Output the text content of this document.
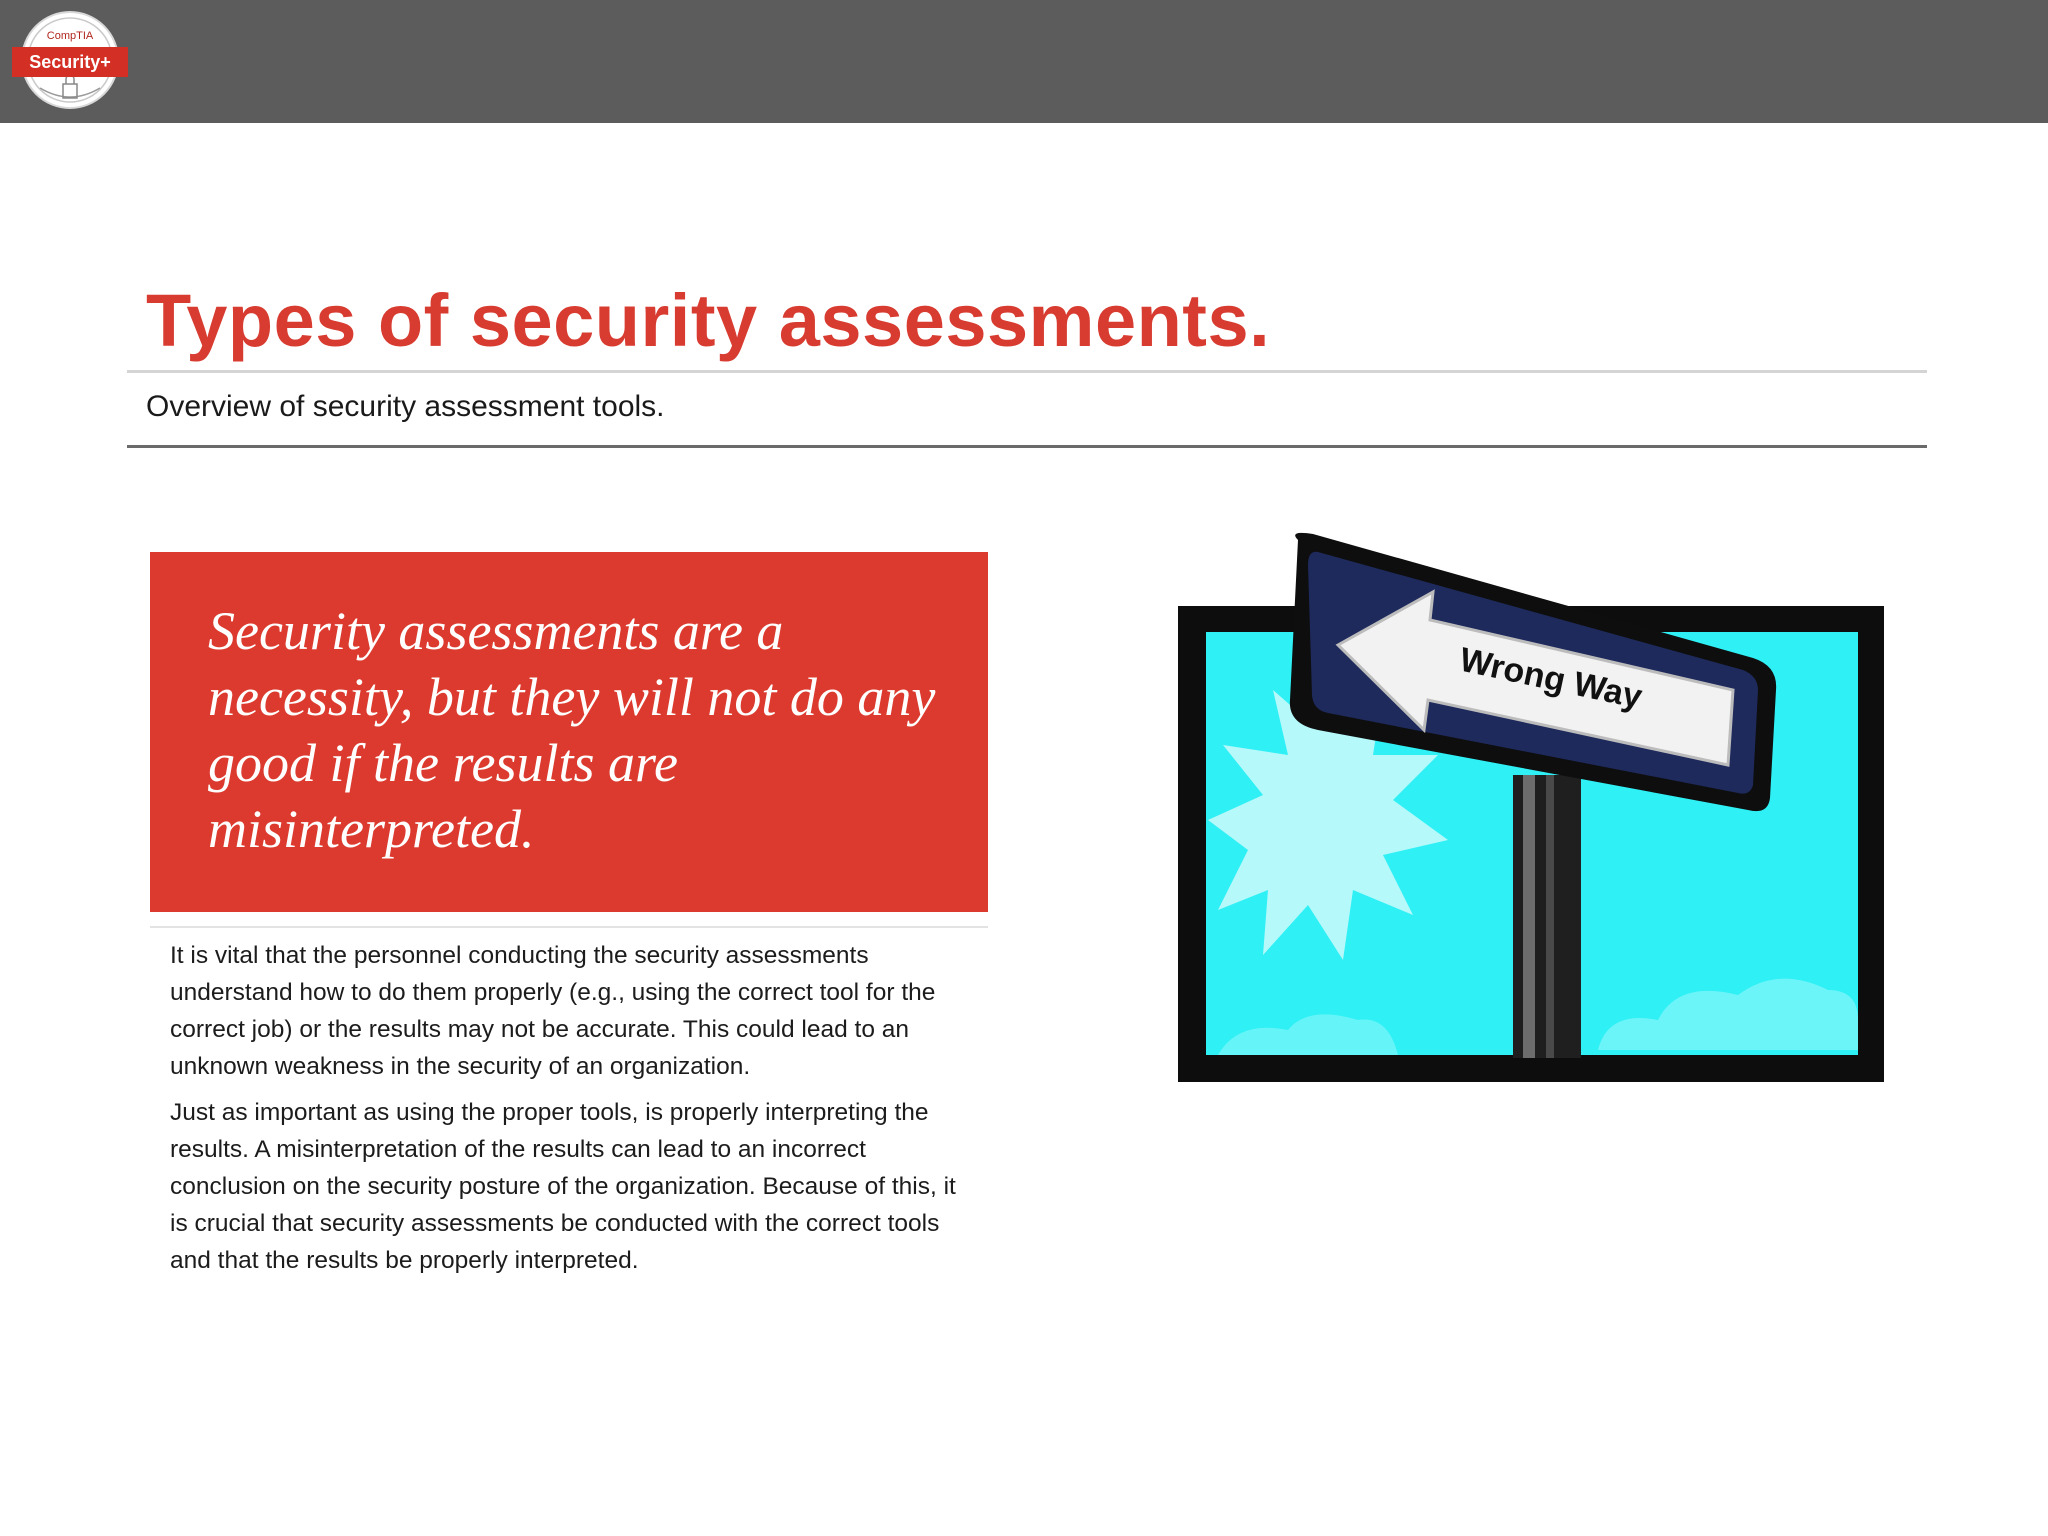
CompTIA
Security+
Types of security assessments.
Overview of security assessment tools.

Security assessments are a necessity, but they will not do any good if the results are misinterpreted.

It is vital that the personnel conducting the security assessments understand how to do them properly (e.g., using the correct tool for the correct job) or the results may not be accurate. This could lead to an unknown weakness in the security of an organization.

Just as important as using the proper tools, is properly interpreting the results. A misinterpretation of the results can lead to an incorrect conclusion on the security posture of the organization. Because of this, it is crucial that security assessments be conducted with the correct tools and that the results be properly interpreted.

Wrong Way
